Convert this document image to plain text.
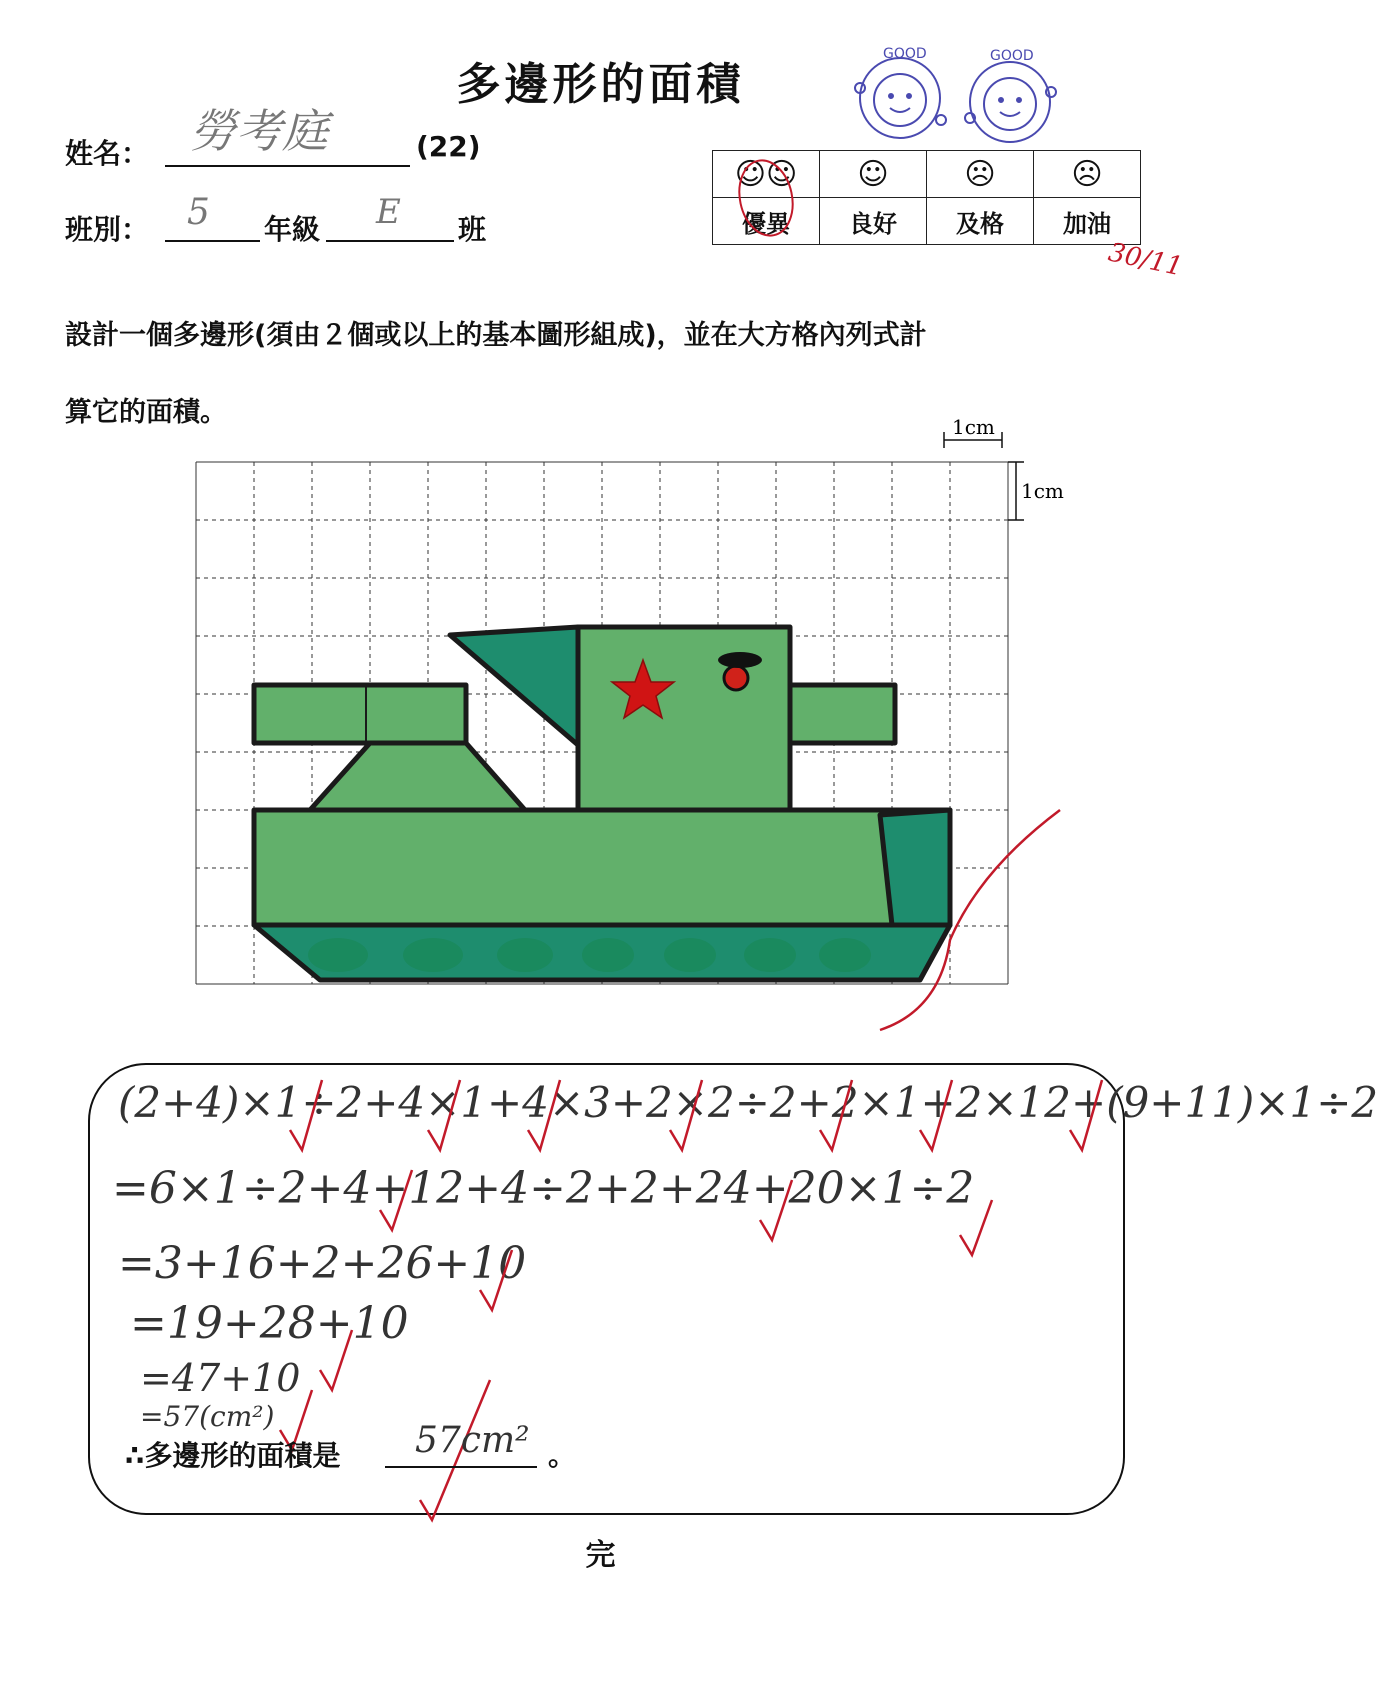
多邊形的面積
GOOD	GOOD
姓名： 勞考庭	(22)
班別： 5 年級 E 班
☺☺	☺	☹	☹
優異	良好	及格	加油
30/11
設計一個多邊形(須由２個或以上的基本圖形組成)，並在大方格內列式計
算它的面積。	1cm
1cm
(2+4)×1÷2+4×1+4×3+2×2÷2+2×1+2×12+(9+11)×1÷2
=6×1÷2+4+12+4÷2+2+24+20×1÷2
=3+16+2+26+10
=19+28+10
=47+10
=57(cm²)
∴多邊形的面積是 57cm² 。
完
